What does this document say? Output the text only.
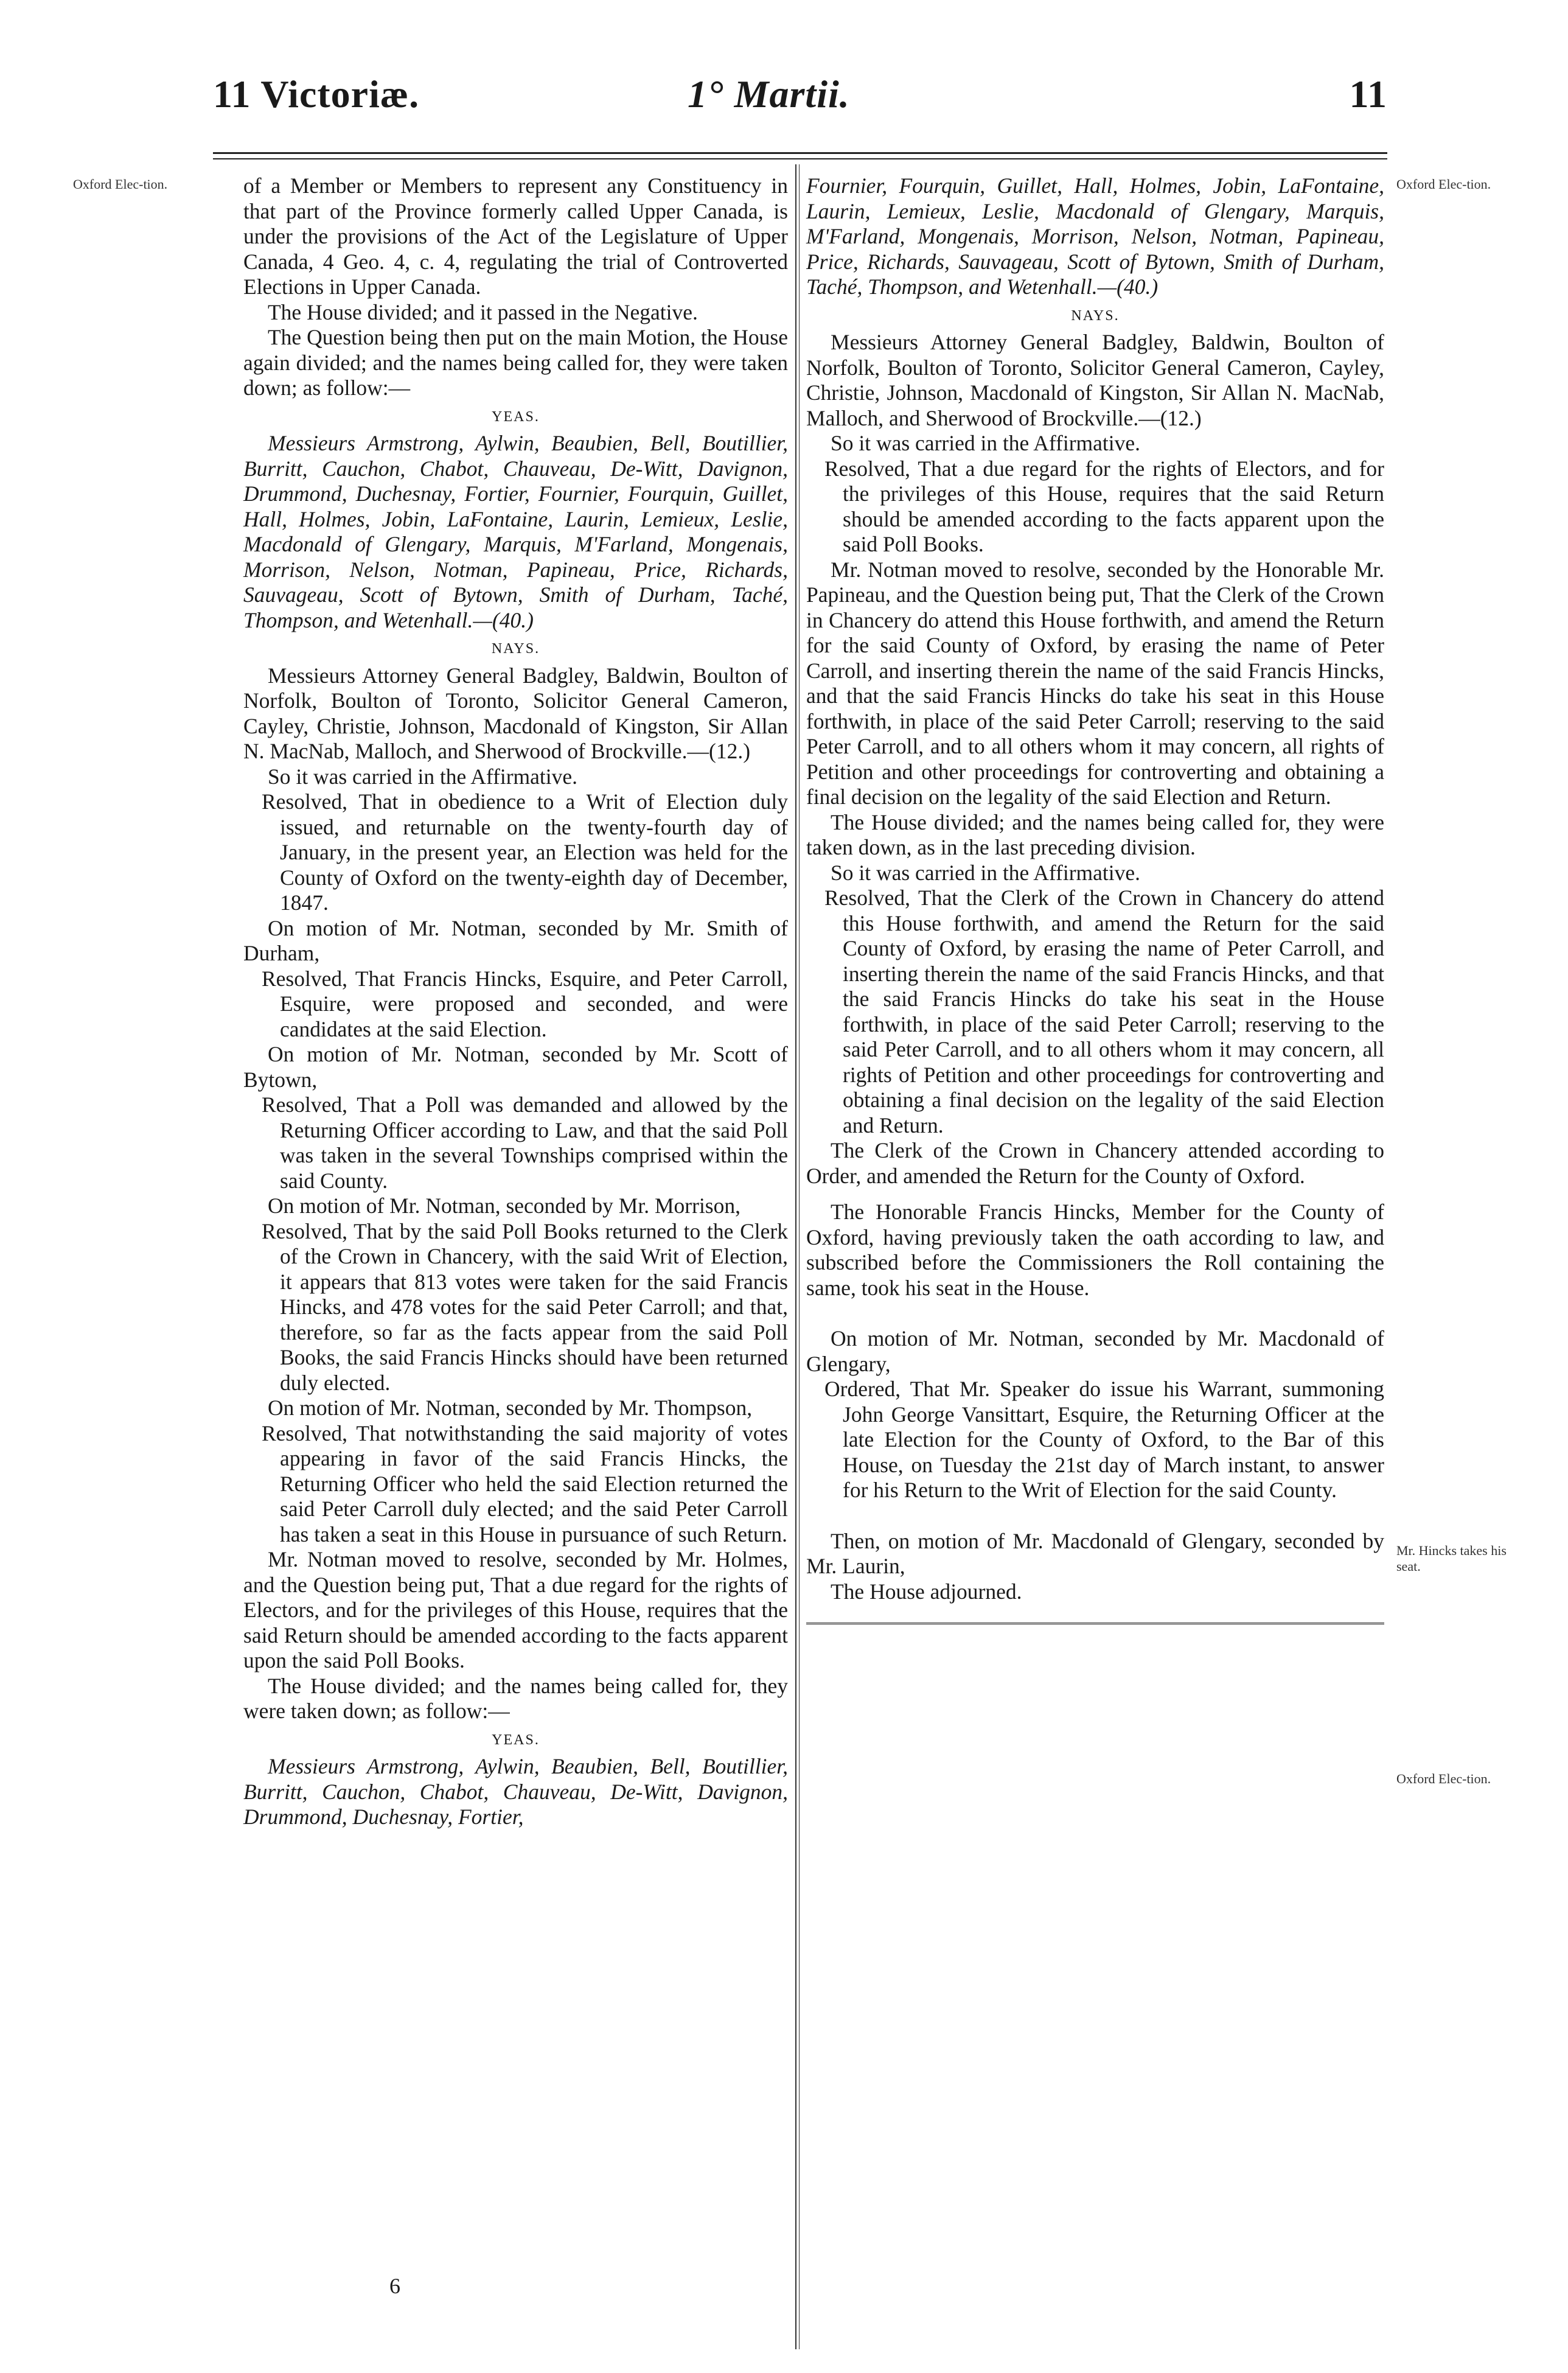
11 Victoriæ.	1° Martii.	11
Oxford Elec-tion.	Oxford Elec-tion.
Mr. Hincks takes his seat.
Oxford Elec-tion.

of a Member or Members to represent any Constituency in that part of the Province formerly called Upper Canada, is under the provisions of the Act of the Legislature of Upper Canada, 4 Geo. 4, c. 4, regulating the trial of Controverted Elections in Upper Canada.

The House divided; and it passed in the Negative.

The Question being then put on the main Motion, the House again divided; and the names being called for, they were taken down; as follow:—

YEAS.

Messieurs Armstrong, Aylwin, Beaubien, Bell, Boutillier, Burritt, Cauchon, Chabot, Chauveau, De-Witt, Davignon, Drummond, Duchesnay, Fortier, Fournier, Fourquin, Guillet, Hall, Holmes, Jobin, LaFontaine, Laurin, Lemieux, Leslie, Macdonald of Glengary, Marquis, M'Farland, Mongenais, Morrison, Nelson, Notman, Papineau, Price, Richards, Sauvageau, Scott of Bytown, Smith of Durham, Taché, Thompson, and Wetenhall.—(40.)

NAYS.

Messieurs Attorney General Badgley, Baldwin, Boulton of Norfolk, Boulton of Toronto, Solicitor General Cameron, Cayley, Christie, Johnson, Macdonald of Kingston, Sir Allan N. MacNab, Malloch, and Sherwood of Brockville.—(12.)

So it was carried in the Affirmative.

Resolved, That in obedience to a Writ of Election duly issued, and returnable on the twenty-fourth day of January, in the present year, an Election was held for the County of Oxford on the twenty-eighth day of December, 1847.

On motion of Mr. Notman, seconded by Mr. Smith of Durham,

Resolved, That Francis Hincks, Esquire, and Peter Carroll, Esquire, were proposed and seconded, and were candidates at the said Election.

On motion of Mr. Notman, seconded by Mr. Scott of Bytown,

Resolved, That a Poll was demanded and allowed by the Returning Officer according to Law, and that the said Poll was taken in the several Townships comprised within the said County.

On motion of Mr. Notman, seconded by Mr. Morrison,

Resolved, That by the said Poll Books returned to the Clerk of the Crown in Chancery, with the said Writ of Election, it appears that 813 votes were taken for the said Francis Hincks, and 478 votes for the said Peter Carroll; and that, therefore, so far as the facts appear from the said Poll Books, the said Francis Hincks should have been returned duly elected.

On motion of Mr. Notman, seconded by Mr. Thompson,

Resolved, That notwithstanding the said majority of votes appearing in favor of the said Francis Hincks, the Returning Officer who held the said Election returned the said Peter Carroll duly elected; and the said Peter Carroll has taken a seat in this House in pursuance of such Return.

Mr. Notman moved to resolve, seconded by Mr. Holmes, and the Question being put, That a due regard for the rights of Electors, and for the privileges of this House, requires that the said Return should be amended according to the facts apparent upon the said Poll Books.

The House divided; and the names being called for, they were taken down; as follow:—

YEAS.

Messieurs Armstrong, Aylwin, Beaubien, Bell, Boutillier, Burritt, Cauchon, Chabot, Chauveau, De-Witt, Davignon, Drummond, Duchesnay, Fortier,

6

Fournier, Fourquin, Guillet, Hall, Holmes, Jobin, LaFontaine, Laurin, Lemieux, Leslie, Macdonald of Glengary, Marquis, M'Farland, Mongenais, Morrison, Nelson, Notman, Papineau, Price, Richards, Sauvageau, Scott of Bytown, Smith of Durham, Taché, Thompson, and Wetenhall.—(40.)

NAYS.

Messieurs Attorney General Badgley, Baldwin, Boulton of Norfolk, Boulton of Toronto, Solicitor General Cameron, Cayley, Christie, Johnson, Macdonald of Kingston, Sir Allan N. MacNab, Malloch, and Sherwood of Brockville.—(12.)

So it was carried in the Affirmative.

Resolved, That a due regard for the rights of Electors, and for the privileges of this House, requires that the said Return should be amended according to the facts apparent upon the said Poll Books.

Mr. Notman moved to resolve, seconded by the Honorable Mr. Papineau, and the Question being put, That the Clerk of the Crown in Chancery do attend this House forthwith, and amend the Return for the said County of Oxford, by erasing the name of Peter Carroll, and inserting therein the name of the said Francis Hincks, and that the said Francis Hincks do take his seat in this House forthwith, in place of the said Peter Carroll; reserving to the said Peter Carroll, and to all others whom it may concern, all rights of Petition and other proceedings for controverting and obtaining a final decision on the legality of the said Election and Return.

The House divided; and the names being called for, they were taken down, as in the last preceding division.

So it was carried in the Affirmative.

Resolved, That the Clerk of the Crown in Chancery do attend this House forthwith, and amend the Return for the said County of Oxford, by erasing the name of Peter Carroll, and inserting therein the name of the said Francis Hincks, and that the said Francis Hincks do take his seat in the House forthwith, in place of the said Peter Carroll; reserving to the said Peter Carroll, and to all others whom it may concern, all rights of Petition and other proceedings for controverting and obtaining a final decision on the legality of the said Election and Return.

The Clerk of the Crown in Chancery attended according to Order, and amended the Return for the County of Oxford.

The Honorable Francis Hincks, Member for the County of Oxford, having previously taken the oath according to law, and subscribed before the Commissioners the Roll containing the same, took his seat in the House.

On motion of Mr. Notman, seconded by Mr. Macdonald of Glengary,

Ordered, That Mr. Speaker do issue his Warrant, summoning John George Vansittart, Esquire, the Returning Officer at the late Election for the County of Oxford, to the Bar of this House, on Tuesday the 21st day of March instant, to answer for his Return to the Writ of Election for the said County.

Then, on motion of Mr. Macdonald of Glengary, seconded by Mr. Laurin,

The House adjourned.
